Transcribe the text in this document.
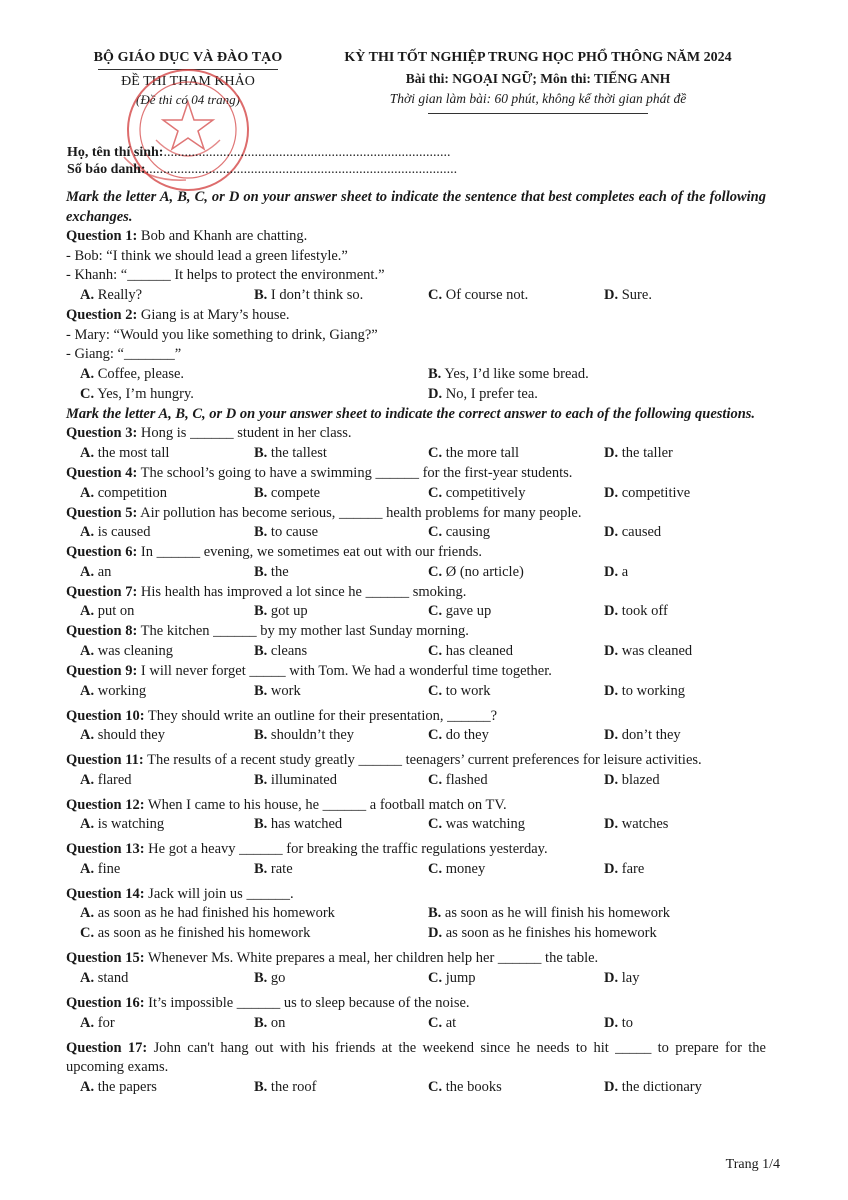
BỘ GIÁO DỤC VÀ ĐÀO TẠO
ĐỀ THI THAM KHẢO
(Đề thi có 04 trang)
KỲ THI TỐT NGHIỆP TRUNG HỌC PHỔ THÔNG NĂM 2024
Bài thi: NGOẠI NGỮ; Môn thi: TIẾNG ANH
Thời gian làm bài: 60 phút, không kể thời gian phát đề
Họ, tên thí sinh:..................................................................................
Số báo danh:.........................................................................................
Mark the letter A, B, C, or D on your answer sheet to indicate the sentence that best completes each of the following exchanges.
Question 1: Bob and Khanh are chatting.
- Bob: “I think we should lead a green lifestyle.”
- Khanh: “______ It helps to protect the environment.”
A. Really?	B. I don’t think so.	C. Of course not.	D. Sure.
Question 2: Giang is at Mary’s house.
- Mary: “Would you like something to drink, Giang?”
- Giang: “_______”
A. Coffee, please.	B. Yes, I’d like some bread.
C. Yes, I’m hungry.	D. No, I prefer tea.
Mark the letter A, B, C, or D on your answer sheet to indicate the correct answer to each of the following questions.
Question 3: Hong is ______ student in her class.
A. the most tall	B. the tallest	C. the more tall	D. the taller
Question 4: The school’s going to have a swimming ______ for the first-year students.
A. competition	B. compete	C. competitively	D. competitive
Question 5: Air pollution has become serious, ______ health problems for many people.
A. is caused	B. to cause	C. causing	D. caused
Question 6: In ______ evening, we sometimes eat out with our friends.
A. an	B. the	C. Ø (no article)	D. a
Question 7: His health has improved a lot since he ______ smoking.
A. put on	B. got up	C. gave up	D. took off
Question 8: The kitchen ______ by my mother last Sunday morning.
A. was cleaning	B. cleans	C. has cleaned	D. was cleaned
Question 9: I will never forget _____ with Tom. We had a wonderful time together.
A. working	B. work	C. to work	D. to working
Question 10: They should write an outline for their presentation, ______?
A. should they	B. shouldn’t they	C. do they	D. don’t they
Question 11: The results of a recent study greatly ______ teenagers’ current preferences for leisure activities.
A. flared	B. illuminated	C. flashed	D. blazed
Question 12: When I came to his house, he ______ a football match on TV.
A. is watching	B. has watched	C. was watching	D. watches
Question 13: He got a heavy ______ for breaking the traffic regulations yesterday.
A. fine	B. rate	C. money	D. fare
Question 14: Jack will join us ______.
A. as soon as he had finished his homework	B. as soon as he will finish his homework
C. as soon as he finished his homework	D. as soon as he finishes his homework
Question 15: Whenever Ms. White prepares a meal, her children help her ______ the table.
A. stand	B. go	C. jump	D. lay
Question 16: It’s impossible ______ us to sleep because of the noise.
A. for	B. on	C. at	D. to
Question 17: John can't hang out with his friends at the weekend since he needs to hit _____ to prepare for the upcoming exams.
A. the papers	B. the roof	C. the books	D. the dictionary
Trang 1/4
